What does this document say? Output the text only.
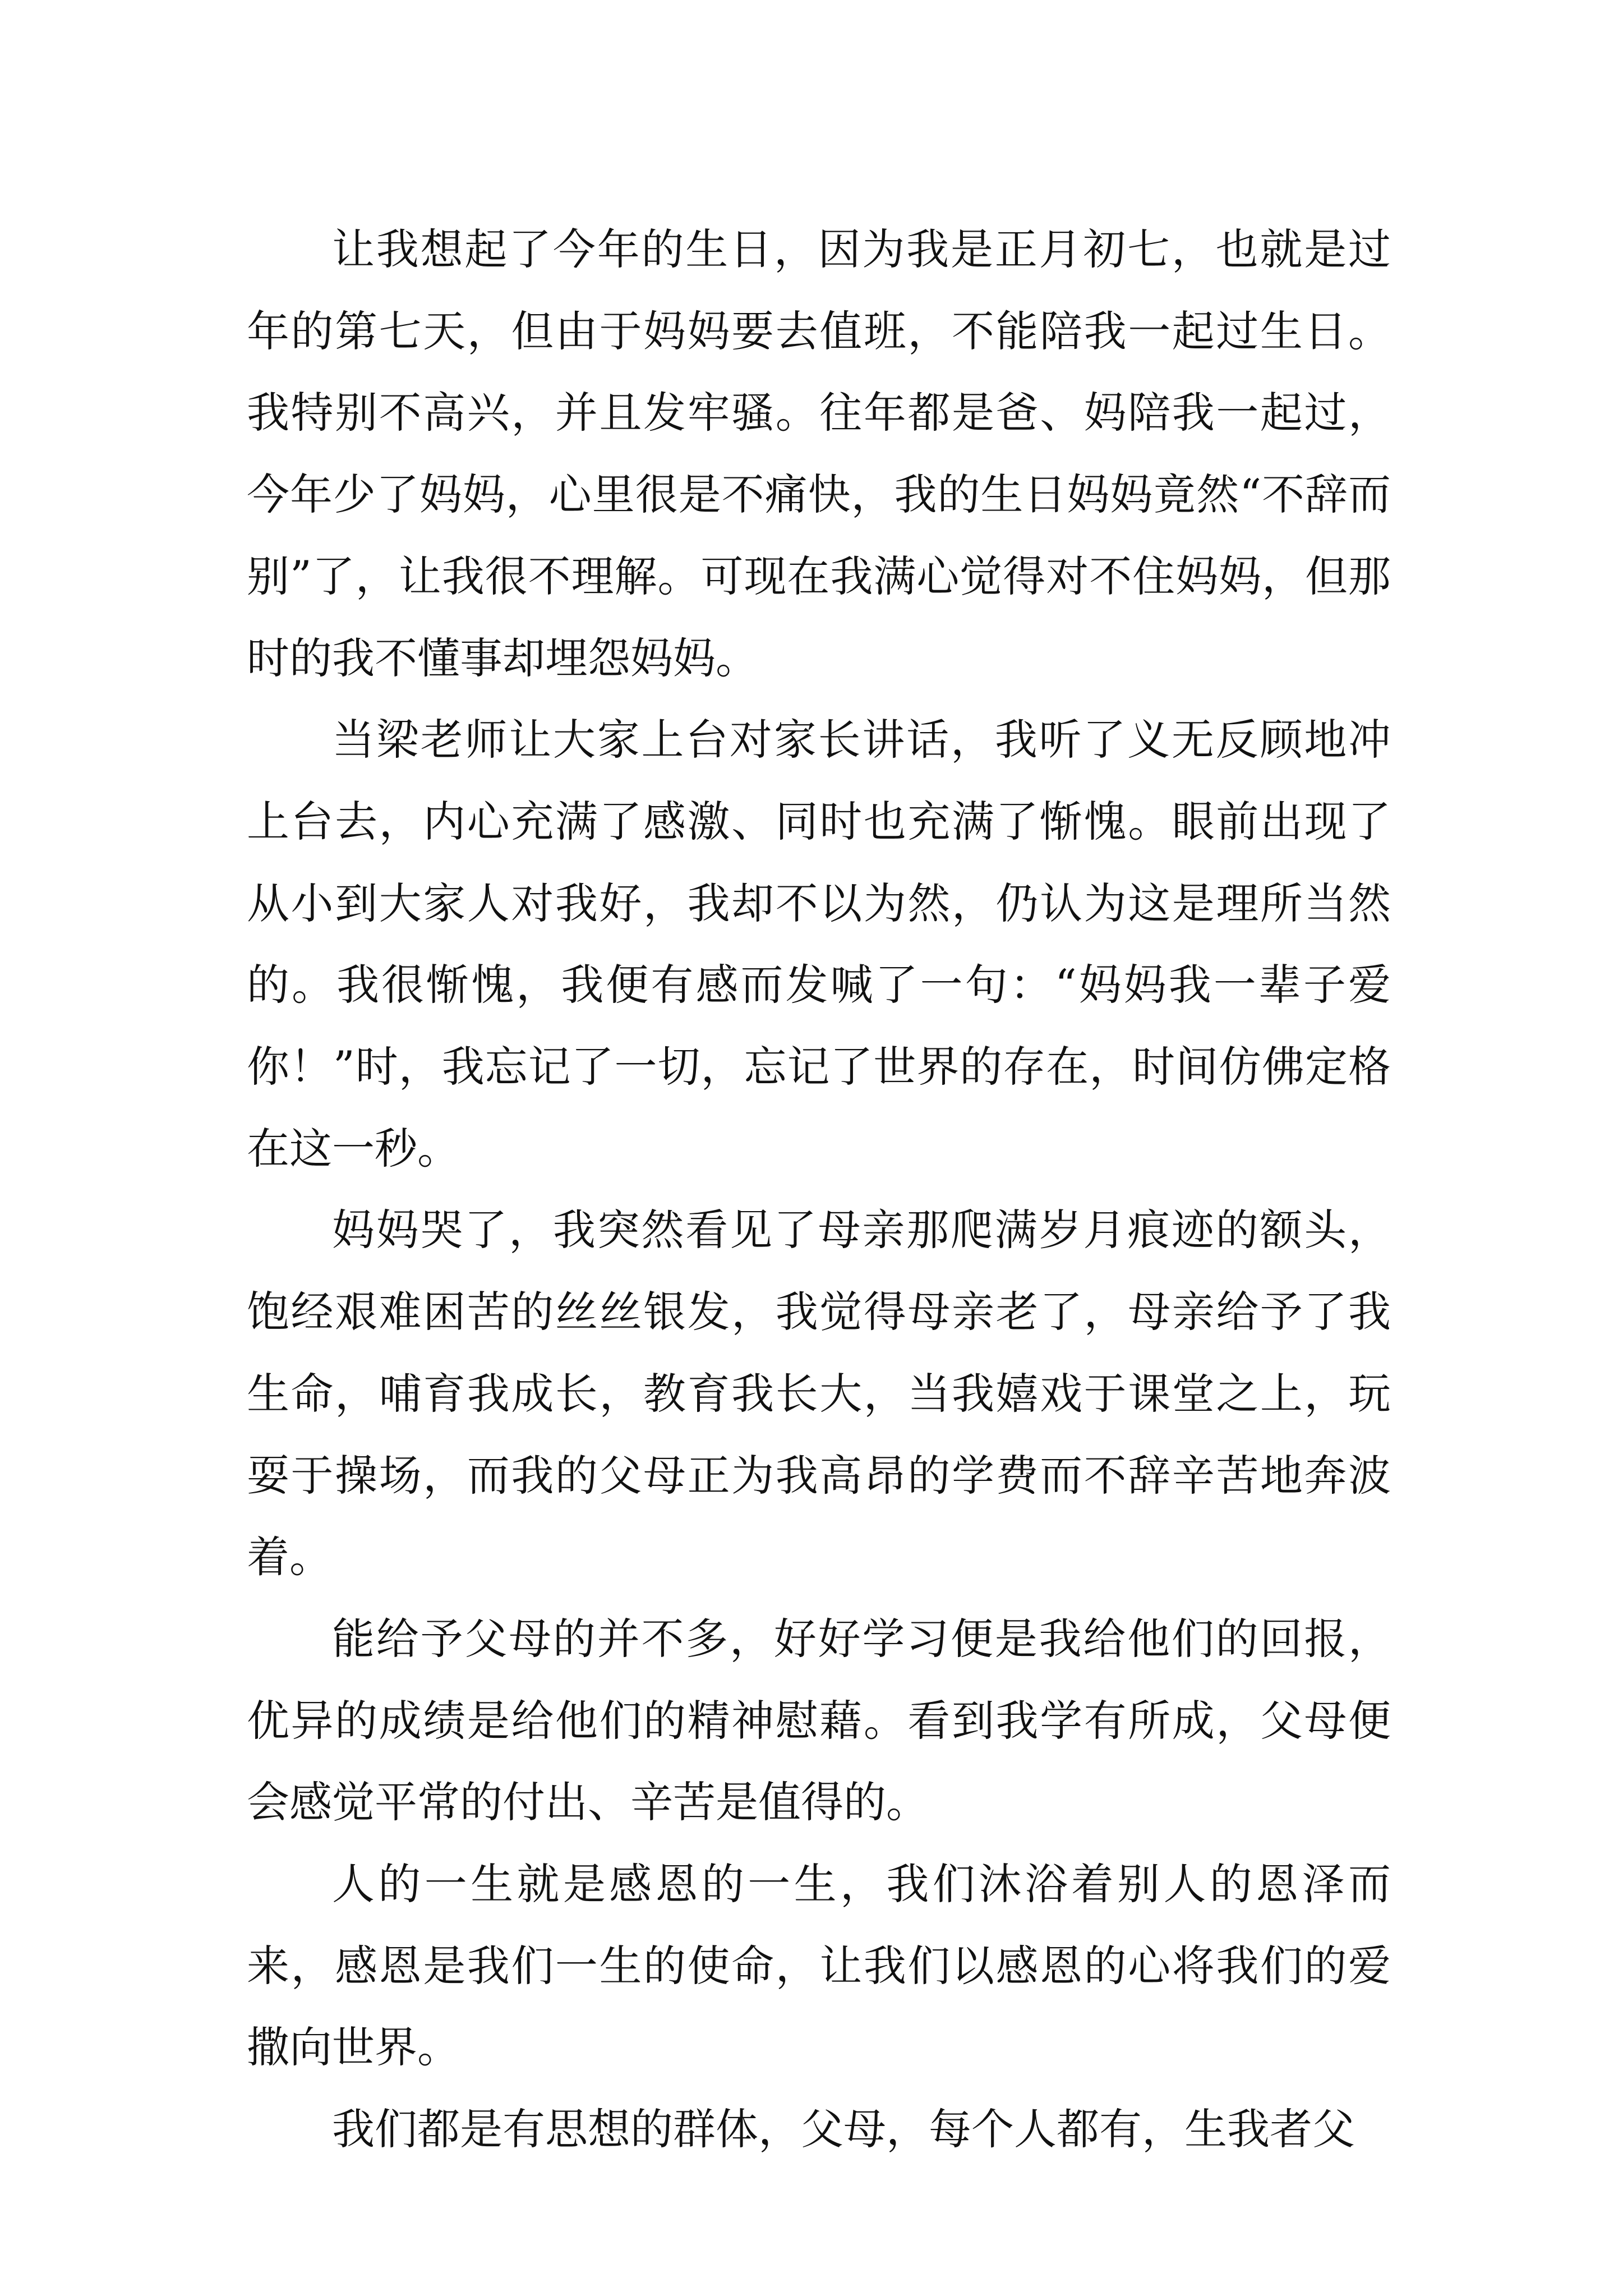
让我想起了今年的生日，因为我是正月初七，也就是过年的第七天，但由于妈妈要去值班，不能陪我一起过生日。我特别不高兴，并且发牢骚。往年都是爸、妈陪我一起过，今年少了妈妈，心里很是不痛快，我的生日妈妈竟然“不辞而别”了，让我很不理解。可现在我满心觉得对不住妈妈，但那时的我不懂事却埋怨妈妈。

当梁老师让大家上台对家长讲话，我听了义无反顾地冲上台去，内心充满了感激、同时也充满了惭愧。眼前出现了从小到大家人对我好，我却不以为然，仍认为这是理所当然的。我很惭愧，我便有感而发喊了一句：“妈妈我一辈子爱你！”时，我忘记了一切，忘记了世界的存在，时间仿佛定格在这一秒。

妈妈哭了，我突然看见了母亲那爬满岁月痕迹的额头，饱经艰难困苦的丝丝银发，我觉得母亲老了，母亲给予了我生命，哺育我成长，教育我长大，当我嬉戏于课堂之上，玩耍于操场，而我的父母正为我高昂的学费而不辞辛苦地奔波着。

能给予父母的并不多，好好学习便是我给他们的回报，优异的成绩是给他们的精神慰藉。看到我学有所成，父母便会感觉平常的付出、辛苦是值得的。

人的一生就是感恩的一生，我们沐浴着别人的恩泽而来，感恩是我们一生的使命，让我们以感恩的心将我们的爱撒向世界。

我们都是有思想的群体，父母，每个人都有，生我者父
